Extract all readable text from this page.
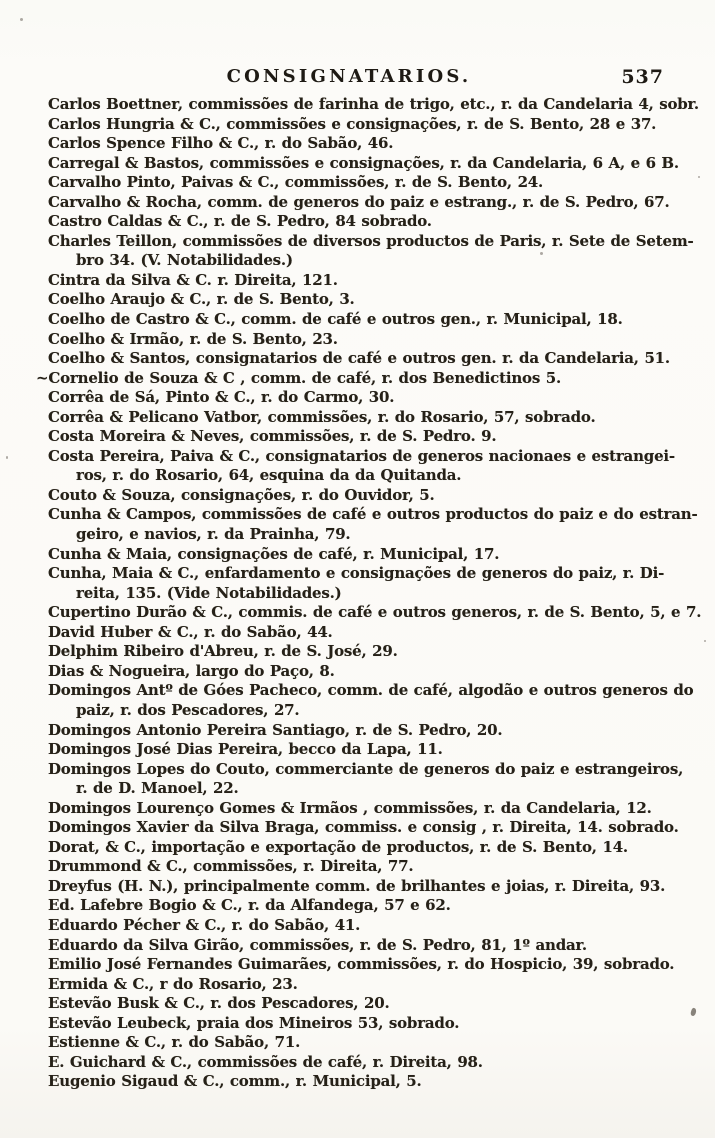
CONSIGNATARIOS.	537
Carlos Boettner, commissões de farinha de trigo, etc., r. da Candelaria 4, sobr.
Carlos Hungria & C., commissões e consignações, r. de S. Bento, 28 e 37.
Carlos Spence Filho & C., r. do Sabão, 46.
Carregal & Bastos, commissões e consignações, r. da Candelaria, 6 A, e 6 B.
Carvalho Pinto, Paivas & C., commissões, r. de S. Bento, 24.
Carvalho & Rocha, comm. de generos do paiz e estrang., r. de S. Pedro, 67.
Castro Caldas & C., r. de S. Pedro, 84 sobrado.
Charles Teillon, commissões de diversos productos de Paris, r. Sete de Setem-
bro 34. (V. Notabilidades.)
Cintra da Silva & C. r. Direita, 121.
Coelho Araujo & C., r. de S. Bento, 3.
Coelho de Castro & C., comm. de café e outros gen., r. Municipal, 18.
Coelho & Irmão, r. de S. Bento, 23.
Coelho & Santos, consignatarios de café e outros gen. r. da Candelaria, 51.
~Cornelio de Souza & C , comm. de café, r. dos Benedictinos 5.
Corrêa de Sá, Pinto & C., r. do Carmo, 30.
Corrêa & Pelicano Vatbor, commissões, r. do Rosario, 57, sobrado.
Costa Moreira & Neves, commissões, r. de S. Pedro. 9.
Costa Pereira, Paiva & C., consignatarios de generos nacionaes e estrangei-
ros, r. do Rosario, 64, esquina da da Quitanda.
Couto & Souza, consignações, r. do Ouvidor, 5.
Cunha & Campos, commissões de café e outros productos do paiz e do estran-
geiro, e navios, r. da Prainha, 79.
Cunha & Maia, consignações de café, r. Municipal, 17.
Cunha, Maia & C., enfardamento e consignações de generos do paiz, r. Di-
reita, 135. (Vide Notabilidades.)
Cupertino Durão & C., commis. de café e outros generos, r. de S. Bento, 5, e 7.
David Huber & C., r. do Sabão, 44.
Delphim Ribeiro d'Abreu, r. de S. José, 29.
Dias & Nogueira, largo do Paço, 8.
Domingos Antº de Góes Pacheco, comm. de café, algodão e outros generos do
paiz, r. dos Pescadores, 27.
Domingos Antonio Pereira Santiago, r. de S. Pedro, 20.
Domingos José Dias Pereira, becco da Lapa, 11.
Domingos Lopes do Couto, commerciante de generos do paiz e estrangeiros,
r. de D. Manoel, 22.
Domingos Lourenço Gomes & Irmãos , commissões, r. da Candelaria, 12.
Domingos Xavier da Silva Braga, commiss. e consig , r. Direita, 14. sobrado.
Dorat, & C., importação e exportação de productos, r. de S. Bento, 14.
Drummond & C., commissões, r. Direita, 77.
Dreyfus (H. N.), principalmente comm. de brilhantes e joias, r. Direita, 93.
Ed. Lafebre Bogio & C., r. da Alfandega, 57 e 62.
Eduardo Pécher & C., r. do Sabão, 41.
Eduardo da Silva Girão, commissões, r. de S. Pedro, 81, 1º andar.
Emilio José Fernandes Guimarães, commissões, r. do Hospicio, 39, sobrado.
Ermida & C., r do Rosario, 23.
Estevão Busk & C., r. dos Pescadores, 20.
Estevão Leubeck, praia dos Mineiros 53, sobrado.
Estienne & C., r. do Sabão, 71.
E. Guichard & C., commissões de café, r. Direita, 98.
Eugenio Sigaud & C., comm., r. Municipal, 5.
